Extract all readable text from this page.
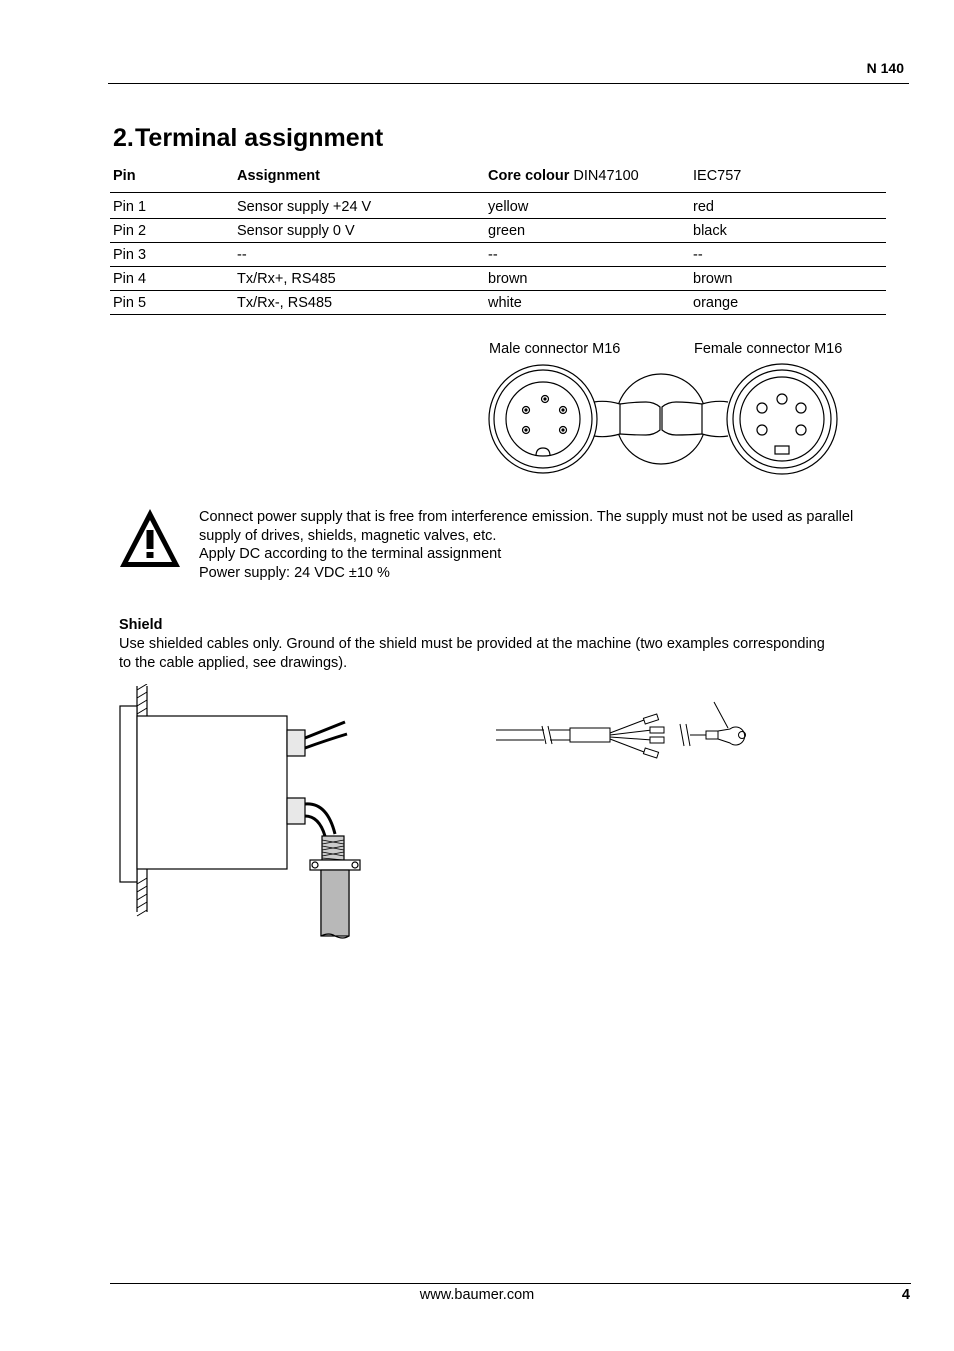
N 140
2.Terminal assignment
Pin	Assignment	Core colour DIN47100	IEC757
Pin 1	Sensor supply +24 V	yellow	red
Pin 2	Sensor supply 0 V	green	black
Pin 3	--	--	--
Pin 4	Tx/Rx+, RS485	brown	brown
Pin 5	Tx/Rx-, RS485	white	orange
Male connector M16	Female connector M16
Connect power supply that is free from interference emission. The supply must not be used as parallel supply of drives, shields, magnetic valves, etc.
Apply DC according to the terminal assignment
Power supply: 24 VDC ±10 %
Shield
Use shielded cables only. Ground of the shield must be provided at the machine (two examples corresponding to the cable applied, see drawings).
www.baumer.com	4
